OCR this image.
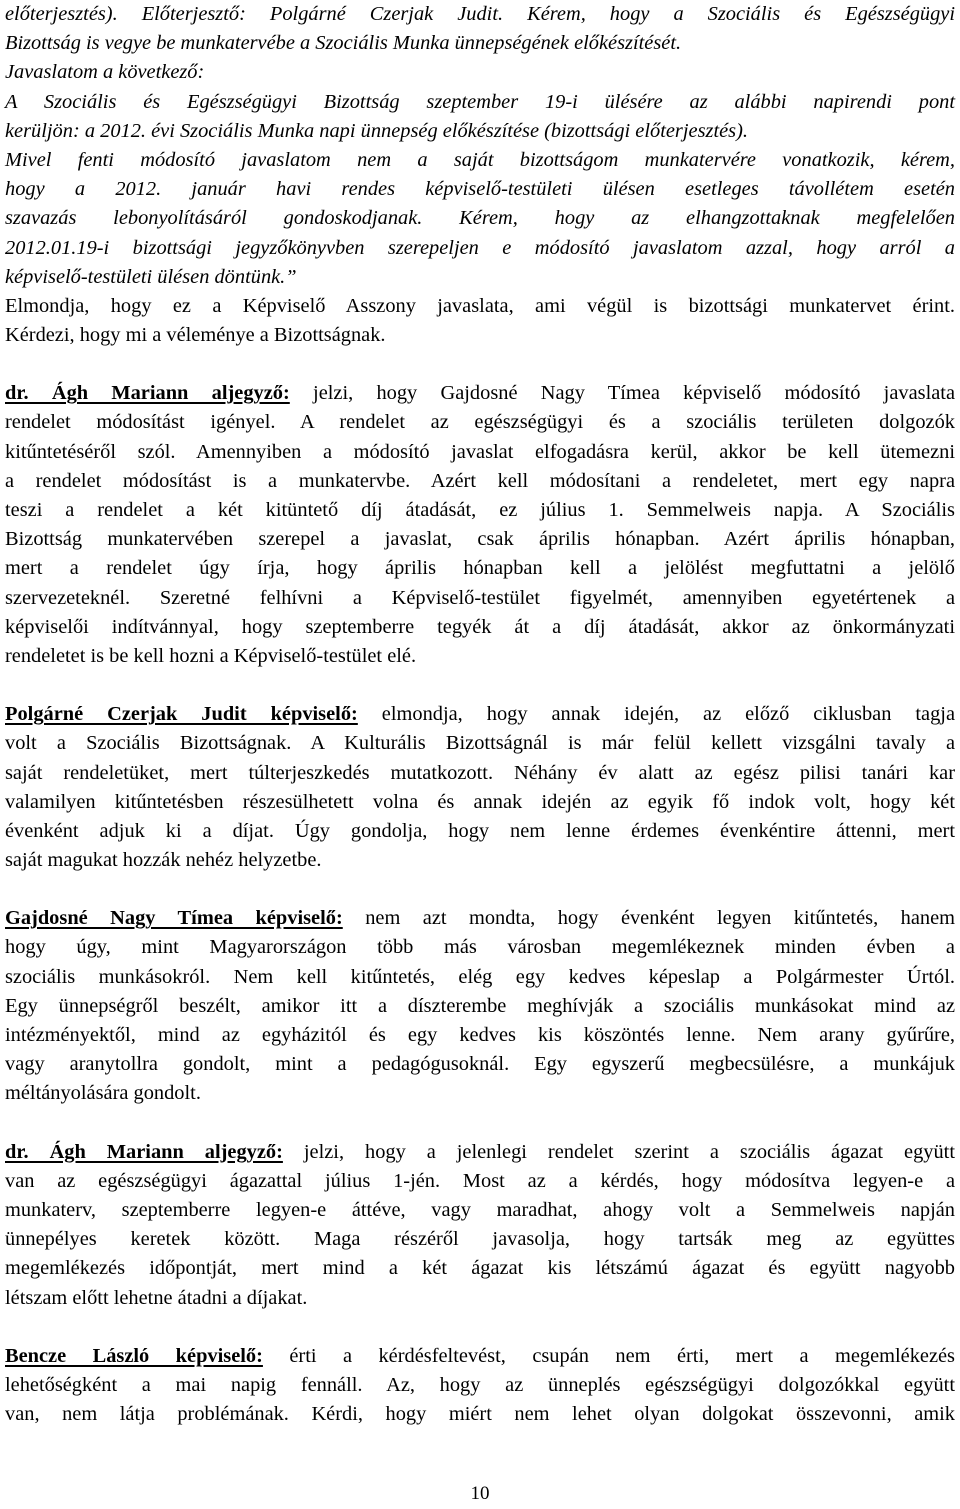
előterjesztés). Előterjesztő: Polgárné Czerjak Judit. Kérem, hogy a Szociális és Egészségügyi
Bizottság is vegye be munkatervébe a Szociális Munka ünnepségének előkészítését.
Javaslatom a következő:
A Szociális és Egészségügyi Bizottság szeptember 19-i ülésére az alábbi napirendi pont
kerüljön: a 2012. évi Szociális Munka napi ünnepség előkészítése (bizottsági előterjesztés).
Mivel fenti módosító javaslatom nem a saját bizottságom munkatervére vonatkozik, kérem,
hogy a 2012. január havi rendes képviselő-testületi ülésen esetleges távollétem esetén
szavazás lebonyolításáról gondoskodjanak. Kérem, hogy az elhangzottaknak megfelelően
2012.01.19-i bizottsági jegyzőkönyvben szerepeljen e módosító javaslatom azzal, hogy arról a
képviselő-testületi ülésen döntünk.”
Elmondja, hogy ez a Képviselő Asszony javaslata, ami végül is bizottsági munkatervet érint.
Kérdezi, hogy mi a véleménye a Bizottságnak.
dr. Ágh Mariann aljegyző: jelzi, hogy Gajdosné Nagy Tímea képviselő módosító javaslata
rendelet módosítást igényel. A rendelet az egészségügyi és a szociális területen dolgozók
kitűntetéséről szól. Amennyiben a módosító javaslat elfogadásra kerül, akkor be kell ütemezni
a rendelet módosítást is a munkatervbe. Azért kell módosítani a rendeletet, mert egy napra
teszi a rendelet a két kitüntető díj átadását, ez július 1. Semmelweis napja. A Szociális
Bizottság munkatervében szerepel a javaslat, csak április hónapban. Azért április hónapban,
mert a rendelet úgy írja, hogy április hónapban kell a jelölést megfuttatni a jelölő
szervezeteknél. Szeretné felhívni a Képviselő-testület figyelmét, amennyiben egyetértenek a
képviselői indítvánnyal, hogy szeptemberre tegyék át a díj átadását, akkor az önkormányzati
rendeletet is be kell hozni a Képviselő-testület elé.
Polgárné Czerjak Judit képviselő: elmondja, hogy annak idején, az előző ciklusban tagja
volt a Szociális Bizottságnak. A Kulturális Bizottságnál is már felül kellett vizsgálni tavaly a
saját rendeletüket, mert túlterjeszkedés mutatkozott. Néhány év alatt az egész pilisi tanári kar
valamilyen kitűntetésben részesülhetett volna és annak idején az egyik fő indok volt, hogy két
évenként adjuk ki a díjat. Úgy gondolja, hogy nem lenne érdemes évenkéntire áttenni, mert
saját magukat hozzák nehéz helyzetbe.
Gajdosné Nagy Tímea képviselő: nem azt mondta, hogy évenként legyen kitűntetés, hanem
hogy úgy, mint Magyarországon több más városban megemlékeznek minden évben a
szociális munkásokról. Nem kell kitűntetés, elég egy kedves képeslap a Polgármester Úrtól.
Egy ünnepségről beszélt, amikor itt a díszterembe meghívják a szociális munkásokat mind az
intézményektől, mind az egyházitól és egy kedves kis köszöntés lenne. Nem arany gyűrűre,
vagy aranytollra gondolt, mint a pedagógusoknál. Egy egyszerű megbecsülésre, a munkájuk
méltányolására gondolt.
dr. Ágh Mariann aljegyző: jelzi, hogy a jelenlegi rendelet szerint a szociális ágazat együtt
van az egészségügyi ágazattal július 1-jén. Most az a kérdés, hogy módosítva legyen-e a
munkaterv, szeptemberre legyen-e áttéve, vagy maradhat, ahogy volt a Semmelweis napján
ünnepélyes keretek között. Maga részéről javasolja, hogy tartsák meg az együttes
megemlékezés időpontját, mert mind a két ágazat kis létszámú ágazat és együtt nagyobb
létszam előtt lehetne átadni a díjakat.
Bencze László képviselő: érti a kérdésfeltevést, csupán nem érti, mert a megemlékezés
lehetőségként a mai napig fennáll. Az, hogy az ünneplés egészségügyi dolgozókkal együtt
van, nem látja problémának. Kérdi, hogy miért nem lehet olyan dolgokat összevonni, amik
10
